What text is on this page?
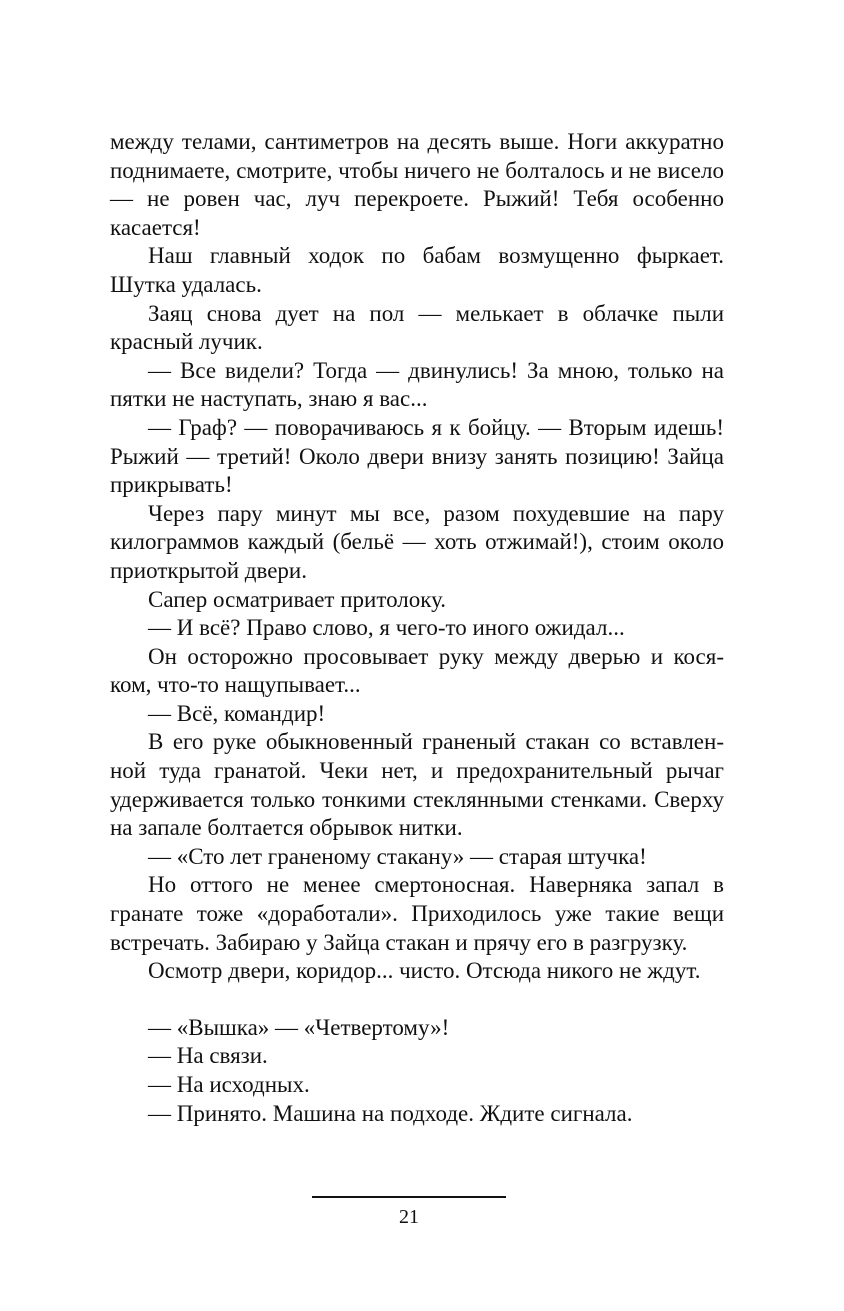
между телами, сантиметров на десять выше. Ноги аккуратно поднимаете, смотрите, чтобы ничего не болталось и не висело — не ровен час, луч перекроете. Рыжий! Тебя особенно касается!

Наш главный ходок по бабам возмущенно фыркает. Шутка удалась.

Заяц снова дует на пол — мелькает в облачке пыли красный лучик.

— Все видели? Тогда — двинулись! За мною, только на пятки не наступать, знаю я вас...

— Граф? — поворачиваюсь я к бойцу. — Вторым идешь! Рыжий — третий! Около двери внизу занять позицию! Зайца прикрывать!

Через пару минут мы все, разом похудевшие на пару килограммов каждый (бельё — хоть отжимай!), стоим около приоткрытой двери.

Сапер осматривает притолоку.

— И всё? Право слово, я чего-то иного ожидал...

Он осторожно просовывает руку между дверью и косяком, что-то нащупывает...

— Всё, командир!

В его руке обыкновенный граненый стакан со вставленной туда гранатой. Чеки нет, и предохранительный рычаг удерживается только тонкими стеклянными стенками. Сверху на запале болтается обрывок нитки.

— «Сто лет граненому стакану» — старая штучка!

Но оттого не менее смертоносная. Наверняка запал в гранате тоже «доработали». Приходилось уже такие вещи встречать. Забираю у Зайца стакан и прячу его в разгрузку.

Осмотр двери, коридор... чисто. Отсюда никого не ждут.

— «Вышка» — «Четвертому»!

— На связи.

— На исходных.

— Принято. Машина на подходе. Ждите сигнала.

21
